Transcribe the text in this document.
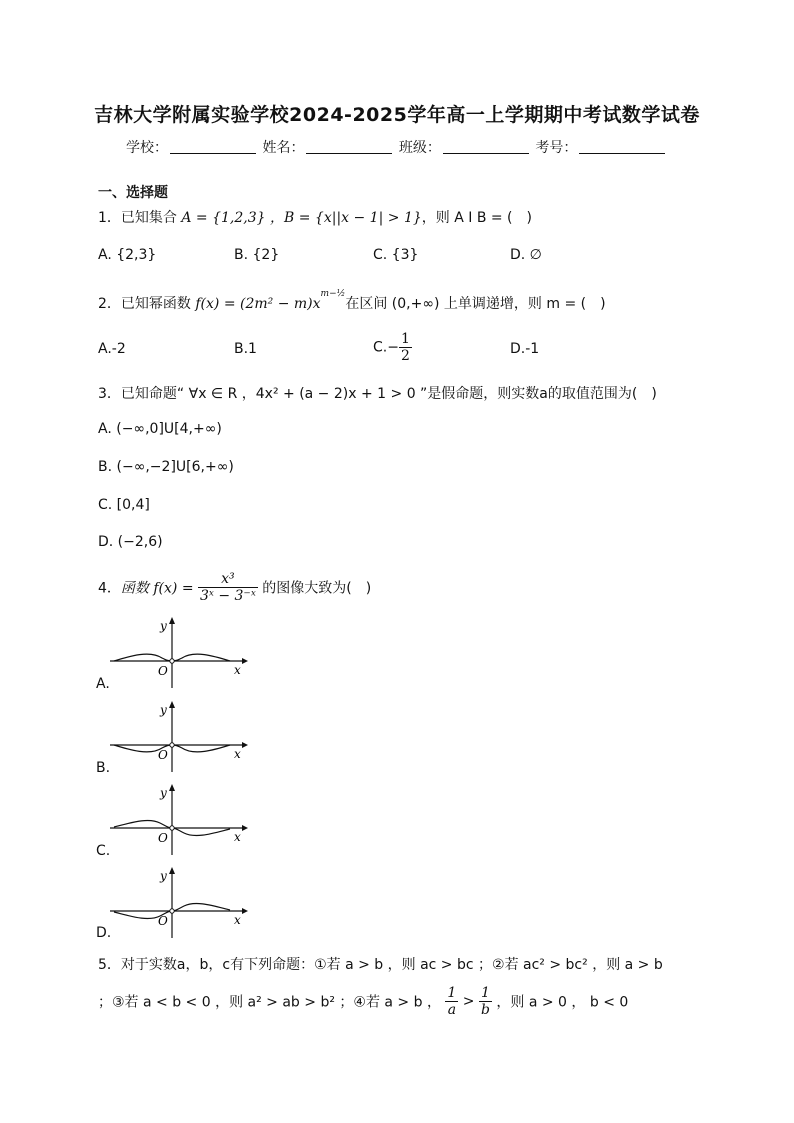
吉林大学附属实验学校2024-2025学年高一上学期期中考试数学试卷
学校：	姓名：	班级：	考号：
一、选择题
1．已知集合 A = {1,2,3} ，B = {x||x − 1| > 1}，则 A I B = (　)
A. {2,3}	B. {2}	C. {3}	D. ∅
2．已知幂函数 $f(x) = (2m^2 - m)x^{m-\frac{1}{2}}$在区间 (0,+∞) 上单调递增，则 m = (　)
A.-2	B.1	$C.- \frac{1}{2}$	D.-1
3．已知命题“ ∀x ∈ R ，4x² + (a − 2)x + 1 > 0 ”是假命题，则实数a的取值范围为(　)
A. (−∞,0]U[4,+∞)
B. (−∞,−2]U[6,+∞)
C. [0,4]
D. (−2,6)
4．函数 $f(x) = \frac{\text{x³}}{\text{3ˣ − 3⁻ˣ}}$ 的图像大致为(　)
y
x
O
A.
y
x
O
B.
y
x
O
C.
y
x
O
D.
5．对于实数a，b，c有下列命题：①若 a > b ，则 ac > bc ；②若 ac² > bc² ，则 a > b
；③若 a < b < 0 ，则 a² > ab > b² ；④若 a > b ， $\frac{1}{a} > \frac{1}{b}$ ，则 a > 0 ， b < 0
